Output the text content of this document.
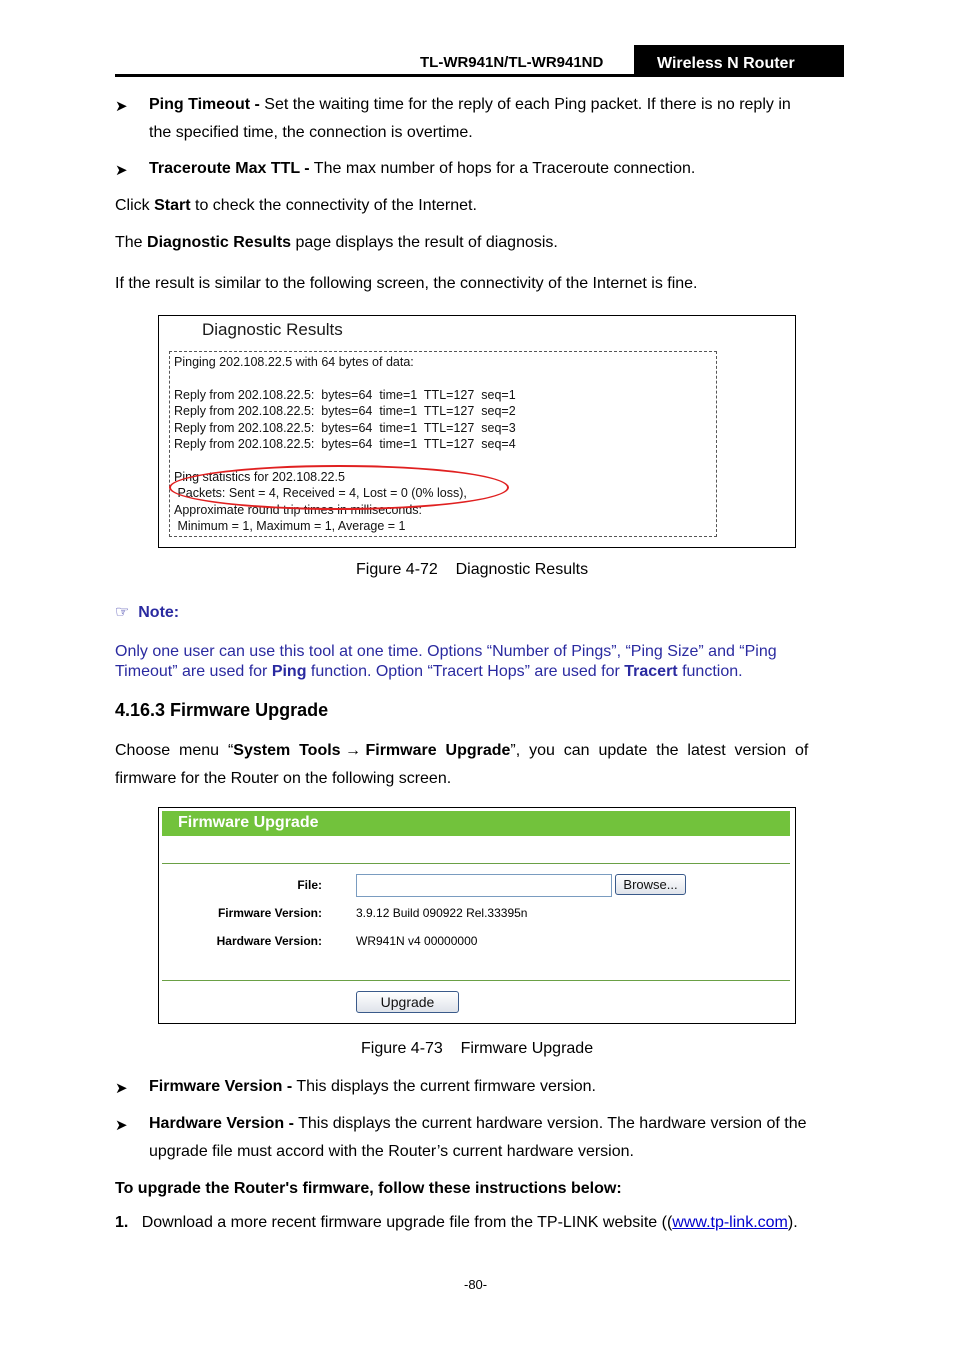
TL-WR941N/TL-WR941ND	Wireless N Router
➤ Ping Timeout - Set the waiting time for the reply of each Ping packet. If there is no reply in
the specified time, the connection is overtime.
➤ Traceroute Max TTL - The max number of hops for a Traceroute connection.
Click Start to check the connectivity of the Internet.
The Diagnostic Results page displays the result of diagnosis.
If the result is similar to the following screen, the connectivity of the Internet is fine.
Diagnostic Results
Pinging 202.108.22.5 with 64 bytes of data:
Reply from 202.108.22.5:  bytes=64  time=1  TTL=127  seq=1
Reply from 202.108.22.5:  bytes=64  time=1  TTL=127  seq=2
Reply from 202.108.22.5:  bytes=64  time=1  TTL=127  seq=3
Reply from 202.108.22.5:  bytes=64  time=1  TTL=127  seq=4
Ping statistics for 202.108.22.5
Packets: Sent = 4, Received = 4, Lost = 0 (0% loss),
Approximate round trip times in milliseconds:
Minimum = 1, Maximum = 1, Average = 1
Figure 4-72    Diagnostic Results
☞ Note:
Only one user can use this tool at one time. Options “Number of Pings”, “Ping Size” and “Ping
Timeout” are used for Ping function. Option “Tracert Hops” are used for Tracert function.
4.16.3 Firmware Upgrade
Choose  menu  “System  Tools → Firmware  Upgrade”,  you  can  update  the  latest  version  of
firmware for the Router on the following screen.
Firmware Upgrade
File:	Browse...
Firmware Version:	3.9.12 Build 090922 Rel.33395n
Hardware Version:	WR941N v4 00000000
Upgrade
Figure 4-73    Firmware Upgrade
➤ Firmware Version - This displays the current firmware version.
➤ Hardware Version - This displays the current hardware version. The hardware version of the
upgrade file must accord with the Router’s current hardware version.
To upgrade the Router's firmware, follow these instructions below:
1. Download a more recent firmware upgrade file from the TP-LINK website ((www.tp-link.com).
-80-
